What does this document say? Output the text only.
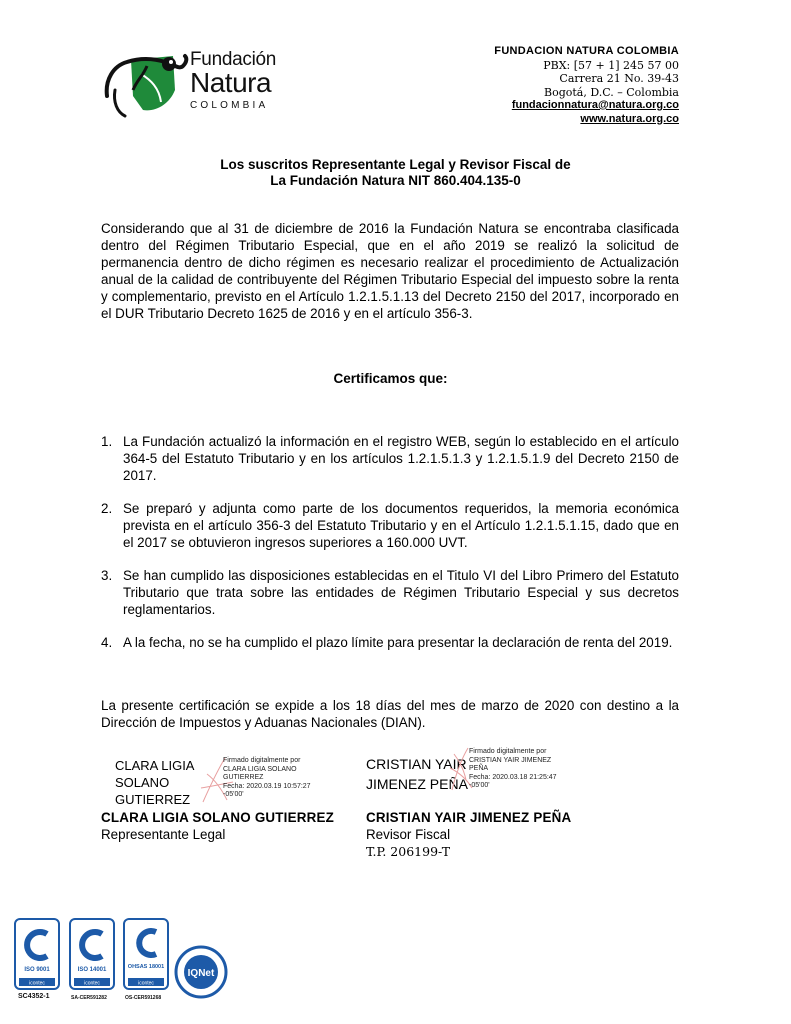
Fundación
Natura
COLOMBIA
FUNDACION NATURA COLOMBIA
PBX: [57 + 1] 245 57 00
Carrera 21 No. 39-43
Bogotá, D.C. – Colombia
fundacionnatura@natura.org.co
www.natura.org.co
Los suscritos Representante Legal y Revisor Fiscal de
La Fundación Natura NIT 860.404.135-0
Considerando que al 31 de diciembre de 2016 la Fundación Natura se encontraba clasificada dentro del Régimen Tributario Especial, que en el año 2019 se realizó la solicitud de permanencia dentro de dicho régimen es necesario realizar el procedimiento de Actualización anual de la calidad de contribuyente del Régimen Tributario Especial del impuesto sobre la renta y complementario, previsto en el Artículo 1.2.1.5.1.13 del Decreto 2150 del 2017, incorporado en el DUR Tributario Decreto 1625 de 2016 y en el artículo 356-3.
Certificamos que:
1. La Fundación actualizó la información en el registro WEB, según lo establecido en el artículo 364-5 del Estatuto Tributario y en los artículos 1.2.1.5.1.3 y 1.2.1.5.1.9 del Decreto 2150 de 2017.
2. Se preparó y adjunta como parte de los documentos requeridos, la memoria económica prevista en el artículo 356-3 del Estatuto Tributario y en el Artículo 1.2.1.5.1.15, dado que en el 2017 se obtuvieron ingresos superiores a 160.000 UVT.
3. Se han cumplido las disposiciones establecidas en el Titulo VI del Libro Primero del Estatuto Tributario que trata sobre las entidades de Régimen Tributario Especial y sus decretos reglamentarios.
4. A la fecha, no se ha cumplido el plazo límite para presentar la declaración de renta del 2019.
La presente certificación se expide a los 18 días del mes de marzo de 2020 con destino a la Dirección de Impuestos y Aduanas Nacionales (DIAN).
CLARA LIGIA
SOLANO
GUTIERREZ
Firmado digitalmente por
CLARA LIGIA SOLANO
GUTIERREZ
Fecha: 2020.03.19 10:57:27
-05'00'
CLARA LIGIA SOLANO GUTIERREZ
Representante Legal
CRISTIAN YAIR
JIMENEZ PEÑA
Firmado digitalmente por
CRISTIAN YAIR JIMENEZ
PEÑA
Fecha: 2020.03.18 21:25:47
-05'00'
CRISTIAN YAIR JIMENEZ PEÑA
Revisor Fiscal
T.P. 206199-T
ISO 9001
icontec
ISO 14001
icontec
OHSAS 18001
icontec
IQNet
SC4352-1	SA-CER591282	OS-CER591268
